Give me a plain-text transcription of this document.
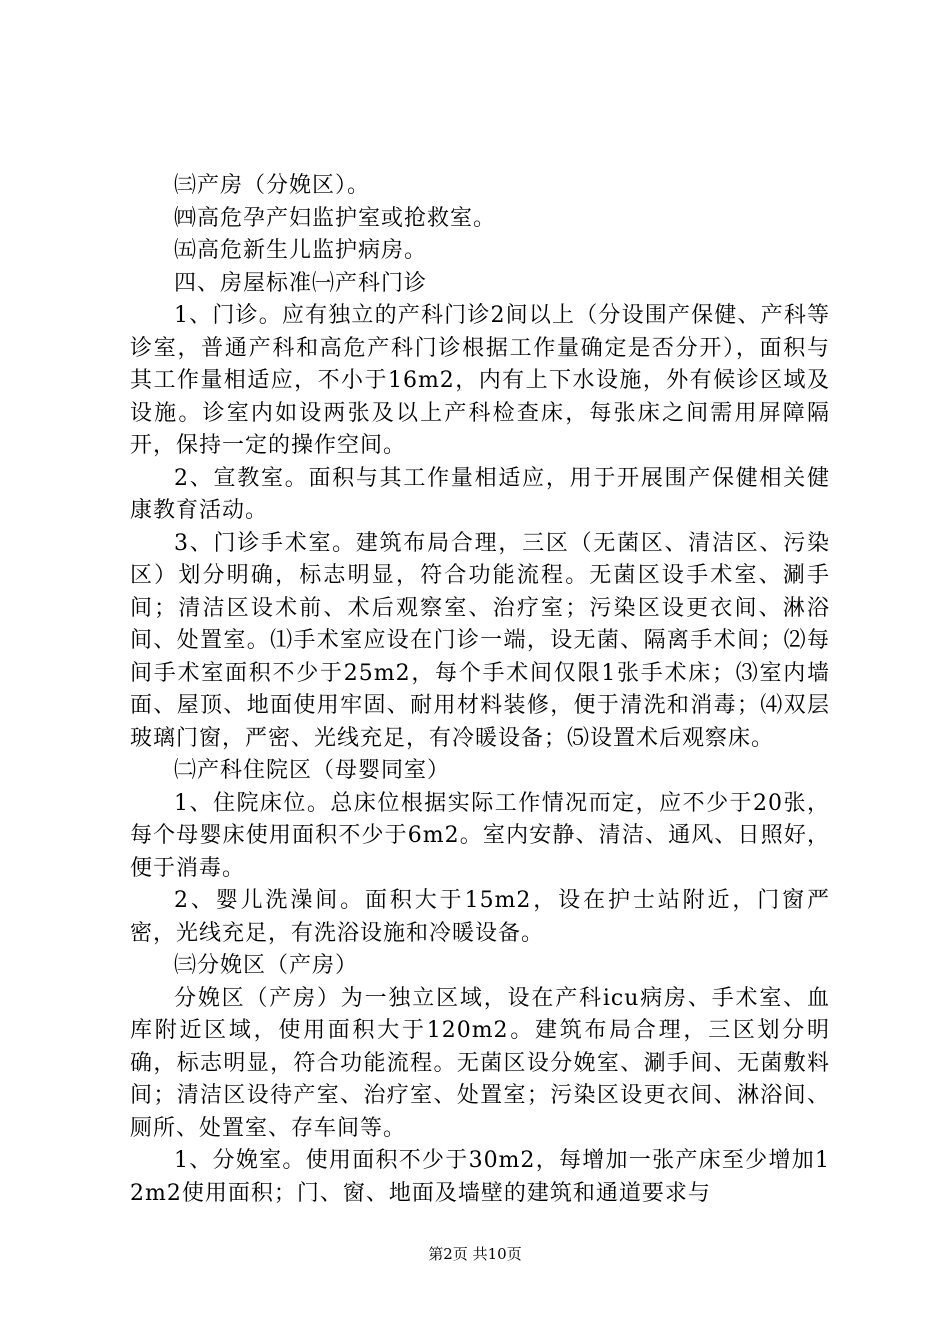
㈢产房（分娩区）。

㈣高危孕产妇监护室或抢救室。

㈤高危新生儿监护病房。

四、房屋标准㈠产科门诊

1、门诊。应有独立的产科门诊2间以上（分设围产保健、产科等诊室，普通产科和高危产科门诊根据工作量确定是否分开），面积与其工作量相适应，不小于16m2，内有上下水设施，外有候诊区域及设施。诊室内如设两张及以上产科检查床，每张床之间需用屏障隔开，保持一定的操作空间。

2、宣教室。面积与其工作量相适应，用于开展围产保健相关健康教育活动。

3、门诊手术室。建筑布局合理，三区（无菌区、清洁区、污染区）划分明确，标志明显，符合功能流程。无菌区设手术室、涮手间；清洁区设术前、术后观察室、治疗室；污染区设更衣间、淋浴间、处置室。⑴手术室应设在门诊一端，设无菌、隔离手术间；⑵每间手术室面积不少于25m2，每个手术间仅限1张手术床；⑶室内墙面、屋顶、地面使用牢固、耐用材料装修，便于清洗和消毒；⑷双层玻璃门窗，严密、光线充足，有冷暖设备；⑸设置术后观察床。

㈡产科住院区（母婴同室）

1、住院床位。总床位根据实际工作情况而定，应不少于20张，每个母婴床使用面积不少于6m2。室内安静、清洁、通风、日照好，便于消毒。

2、婴儿洗澡间。面积大于15m2，设在护士站附近，门窗严密，光线充足，有洗浴设施和冷暖设备。

㈢分娩区（产房）

分娩区（产房）为一独立区域，设在产科icu病房、手术室、血库附近区域，使用面积大于120m2。建筑布局合理，三区划分明确，标志明显，符合功能流程。无菌区设分娩室、涮手间、无菌敷料间；清洁区设待产室、治疗室、处置室；污染区设更衣间、淋浴间、厕所、处置室、存车间等。

1、分娩室。使用面积不少于30m2，每增加一张产床至少增加12m2使用面积；门、窗、地面及墙壁的建筑和通道要求与

第2页 共10页
